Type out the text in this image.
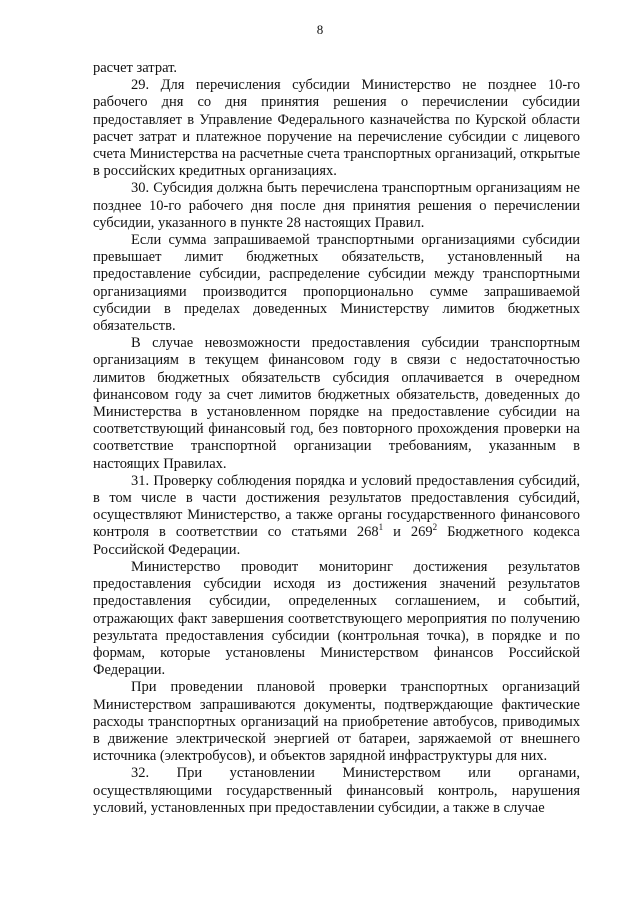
8

расчет затрат.

29. Для перечисления субсидии Министерство не позднее 10-го рабочего дня со дня принятия решения о перечислении субсидии предоставляет в Управление Федерального казначейства по Курской области расчет затрат и платежное поручение на перечисление субсидии с лицевого счета Министерства на расчетные счета транспортных организаций, открытые в российских кредитных организациях.

30. Субсидия должна быть перечислена транспортным организациям не позднее 10-го рабочего дня после дня принятия решения о перечислении субсидии, указанного в пункте 28 настоящих Правил.

Если сумма запрашиваемой транспортными организациями субсидии превышает лимит бюджетных обязательств, установленный на предоставление субсидии, распределение субсидии между транспортными организациями производится пропорционально сумме запрашиваемой субсидии в пределах доведенных Министерству лимитов бюджетных обязательств.

В случае невозможности предоставления субсидии транспортным организациям в текущем финансовом году в связи с недостаточностью лимитов бюджетных обязательств субсидия оплачивается в очередном финансовом году за счет лимитов бюджетных обязательств, доведенных до Министерства в установленном порядке на предоставление субсидии на соответствующий финансовый год, без повторного прохождения проверки на соответствие транспортной организации требованиям, указанным в настоящих Правилах.

31. Проверку соблюдения порядка и условий предоставления субсидий, в том числе в части достижения результатов предоставления субсидий, осуществляют Министерство, а также органы государственного финансового контроля в соответствии со статьями $268^1$ и $269^2$ Бюджетного кодекса Российской Федерации.

Министерство проводит мониторинг достижения результатов предоставления субсидии исходя из достижения значений результатов предоставления субсидии, определенных соглашением, и событий, отражающих факт завершения соответствующего мероприятия по получению результата предоставления субсидии (контрольная точка), в порядке и по формам, которые установлены Министерством финансов Российской Федерации.

При проведении плановой проверки транспортных организаций Министерством запрашиваются документы, подтверждающие фактические расходы транспортных организаций на приобретение автобусов, приводимых в движение электрической энергией от батареи, заряжаемой от внешнего источника (электробусов), и объектов зарядной инфраструктуры для них.

32. При установлении Министерством или органами, осуществляющими государственный финансовый контроль, нарушения условий, установленных при предоставлении субсидии, а также в случае
